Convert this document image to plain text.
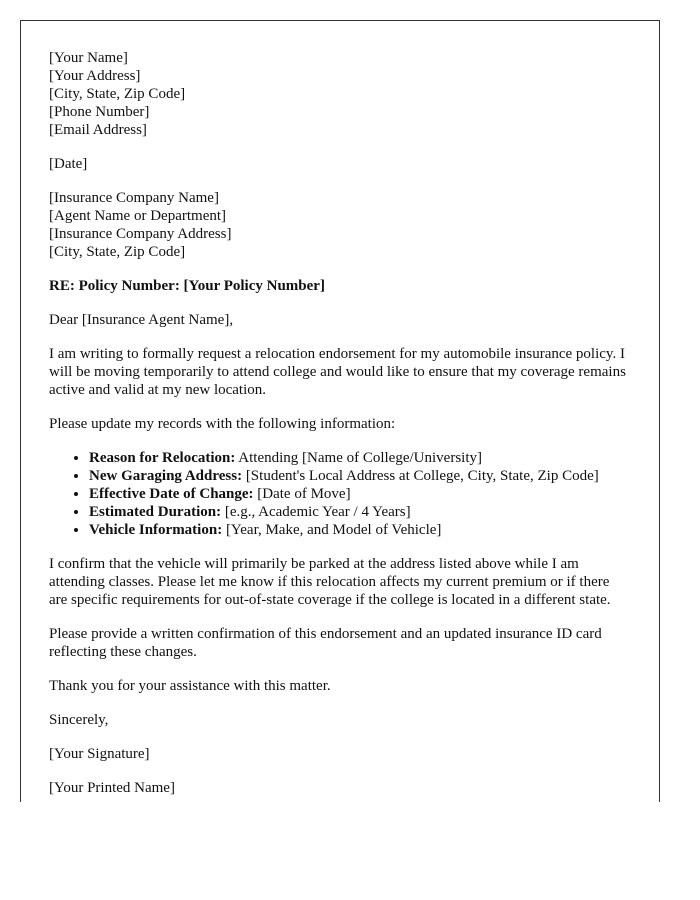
[Your Name]
[Your Address]
[City, State, Zip Code]
[Phone Number]
[Email Address]

[Date]

[Insurance Company Name]
[Agent Name or Department]
[Insurance Company Address]
[City, State, Zip Code]

RE: Policy Number: [Your Policy Number]

Dear [Insurance Agent Name],

I am writing to formally request a relocation endorsement for my automobile insurance policy. I will be moving temporarily to attend college and would like to ensure that my coverage remains active and valid at my new location.

Please update my records with the following information:

• Reason for Relocation: Attending [Name of College/University]
• New Garaging Address: [Student's Local Address at College, City, State, Zip Code]
• Effective Date of Change: [Date of Move]
• Estimated Duration: [e.g., Academic Year / 4 Years]
• Vehicle Information: [Year, Make, and Model of Vehicle]

I confirm that the vehicle will primarily be parked at the address listed above while I am attending classes. Please let me know if this relocation affects my current premium or if there are specific requirements for out-of-state coverage if the college is located in a different state.

Please provide a written confirmation of this endorsement and an updated insurance ID card reflecting these changes.

Thank you for your assistance with this matter.

Sincerely,

[Your Signature]

[Your Printed Name]
